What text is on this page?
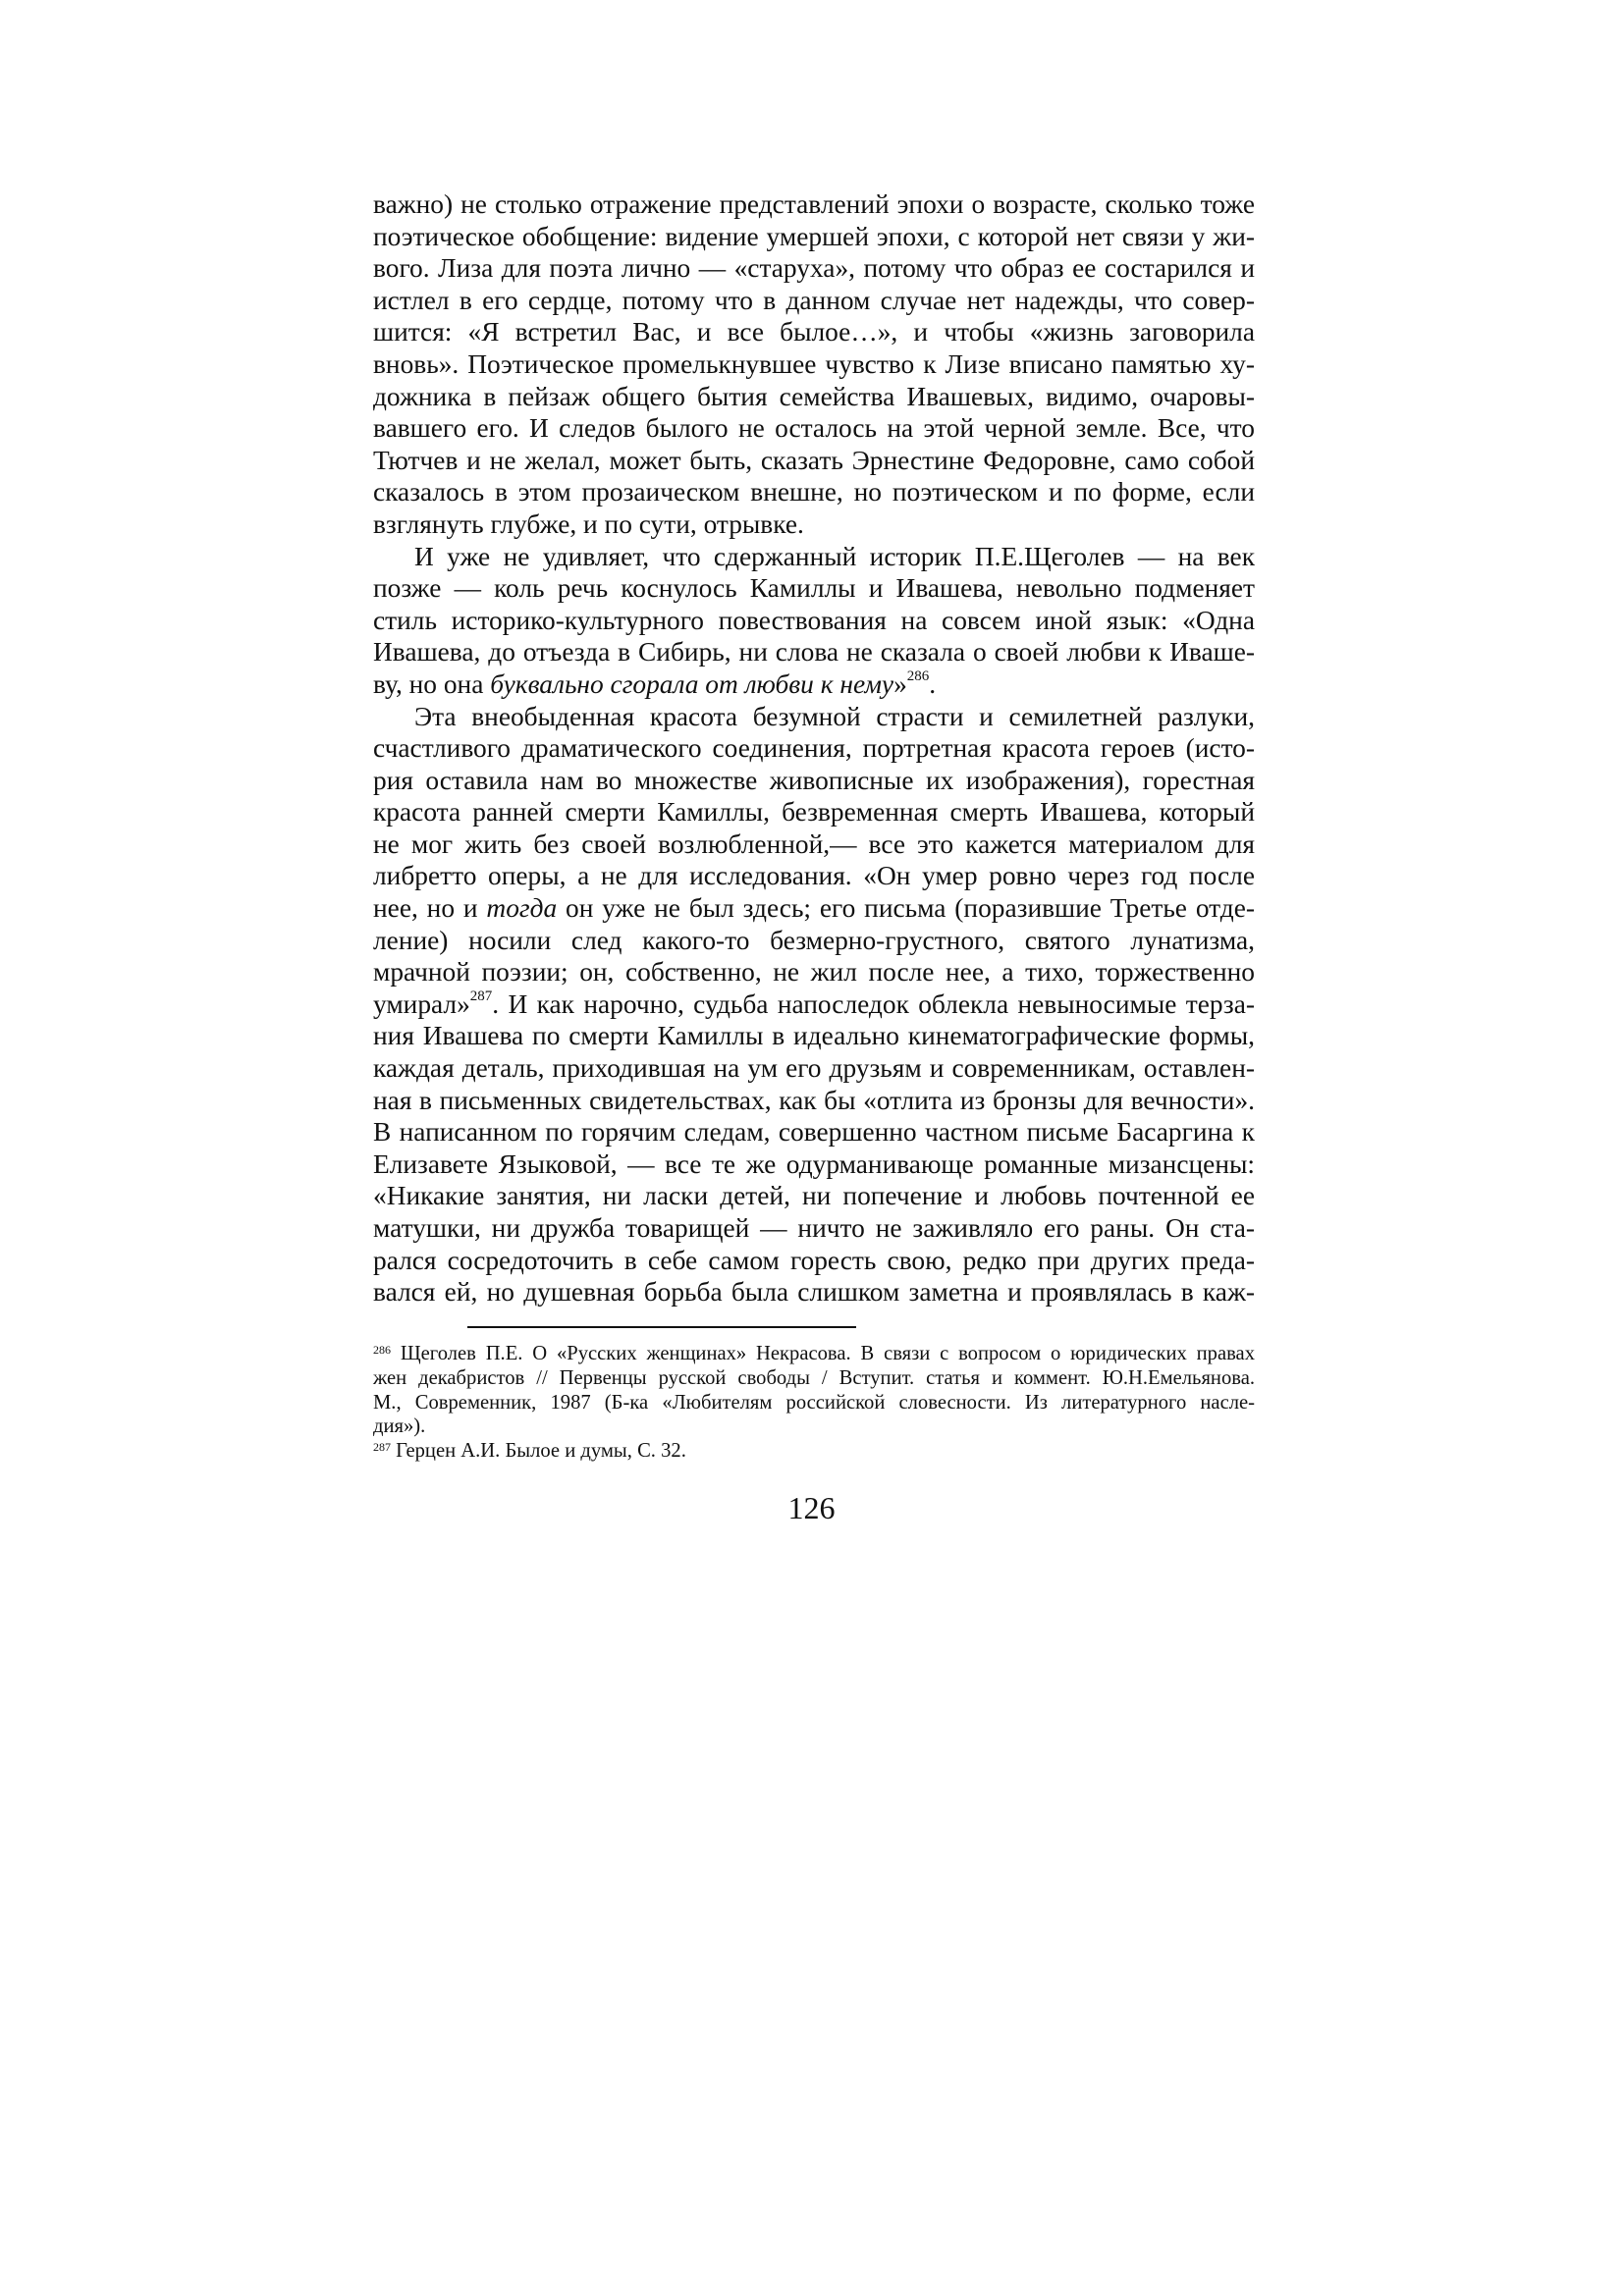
важно) не столько отражение представлений эпохи о возрасте, сколько тоже
поэтическое обобщение: видение умершей эпохи, с которой нет связи у жи-
вого. Лиза для поэта лично — «старуха», потому что образ ее состарился и
истлел в его сердце, потому что в данном случае нет надежды, что совер-
шится: «Я встретил Вас, и все былое…», и чтобы «жизнь заговорила
вновь». Поэтическое промелькнувшее чувство к Лизе вписано памятью ху-
дожника в пейзаж общего бытия семейства Ивашевых, видимо, очаровы-
вавшего его. И следов былого не осталось на этой черной земле. Все, что
Тютчев и не желал, может быть, сказать Эрнестине Федоровне, само собой
сказалось в этом прозаическом внешне, но поэтическом и по форме, если
взглянуть глубже, и по сути, отрывке.

И уже не удивляет, что сдержанный историк П.Е.Щеголев — на век
позже — коль речь коснулось Камиллы и Ивашева, невольно подменяет
стиль историко-культурного повествования на совсем иной язык: «Одна
Ивашева, до отъезда в Сибирь, ни слова не сказала о своей любви к Ивашe-
ву, но она буквально сгорала от любви к нему»$^{286}$.

Эта внеобыденная красота безумной страсти и семилетней разлуки,
счастливого драматического соединения, портретная красота героев (исто-
рия оставила нам во множестве живописные их изображения), горестная
красота ранней смерти Камиллы, безвременная смерть Ивашева, который
не мог жить без своей возлюбленной,— все это кажется материалом для
либретто оперы, а не для исследования. «Он умер ровно через год после
нее, но и тогда он уже не был здесь; его письма (поразившие Третье отде-
ление) носили след какого-то безмерно-грустного, святого лунатизма,
мрачной поэзии; он, собственно, не жил после нее, а тихо, торжественно
умирал»$^{287}$. И как нарочно, судьба напоследок облекла невыносимые терза-
ния Ивашева по смерти Камиллы в идеально кинематографические формы,
каждая деталь, приходившая на ум его друзьям и современникам, оставлен-
ная в письменных свидетельствах, как бы «отлита из бронзы для вечности».
В написанном по горячим следам, совершенно частном письме Басаргина к
Елизавете Языковой, — все те же одурманивающе романные мизансцены:
«Никакие занятия, ни ласки детей, ни попечение и любовь почтенной ее
матушки, ни дружба товарищей — ничто не заживляло его раны. Он ста-
рался сосредоточить в себе самом горесть свою, редко при других преда-
вался ей, но душевная борьба была слишком заметна и проявлялась в каж-

$^{286}$ Щеголев П.Е. О «Русских женщинах» Некрасова. В связи с вопросом о юридических правах
жен декабристов // Первенцы русской свободы / Вступит. статья и коммент. Ю.Н.Емельянова.
М., Современник, 1987 (Б-ка «Любителям российской словесности. Из литературного насле-
дия»).
$^{287}$ Герцен А.И. Былое и думы, С. 32.
126
